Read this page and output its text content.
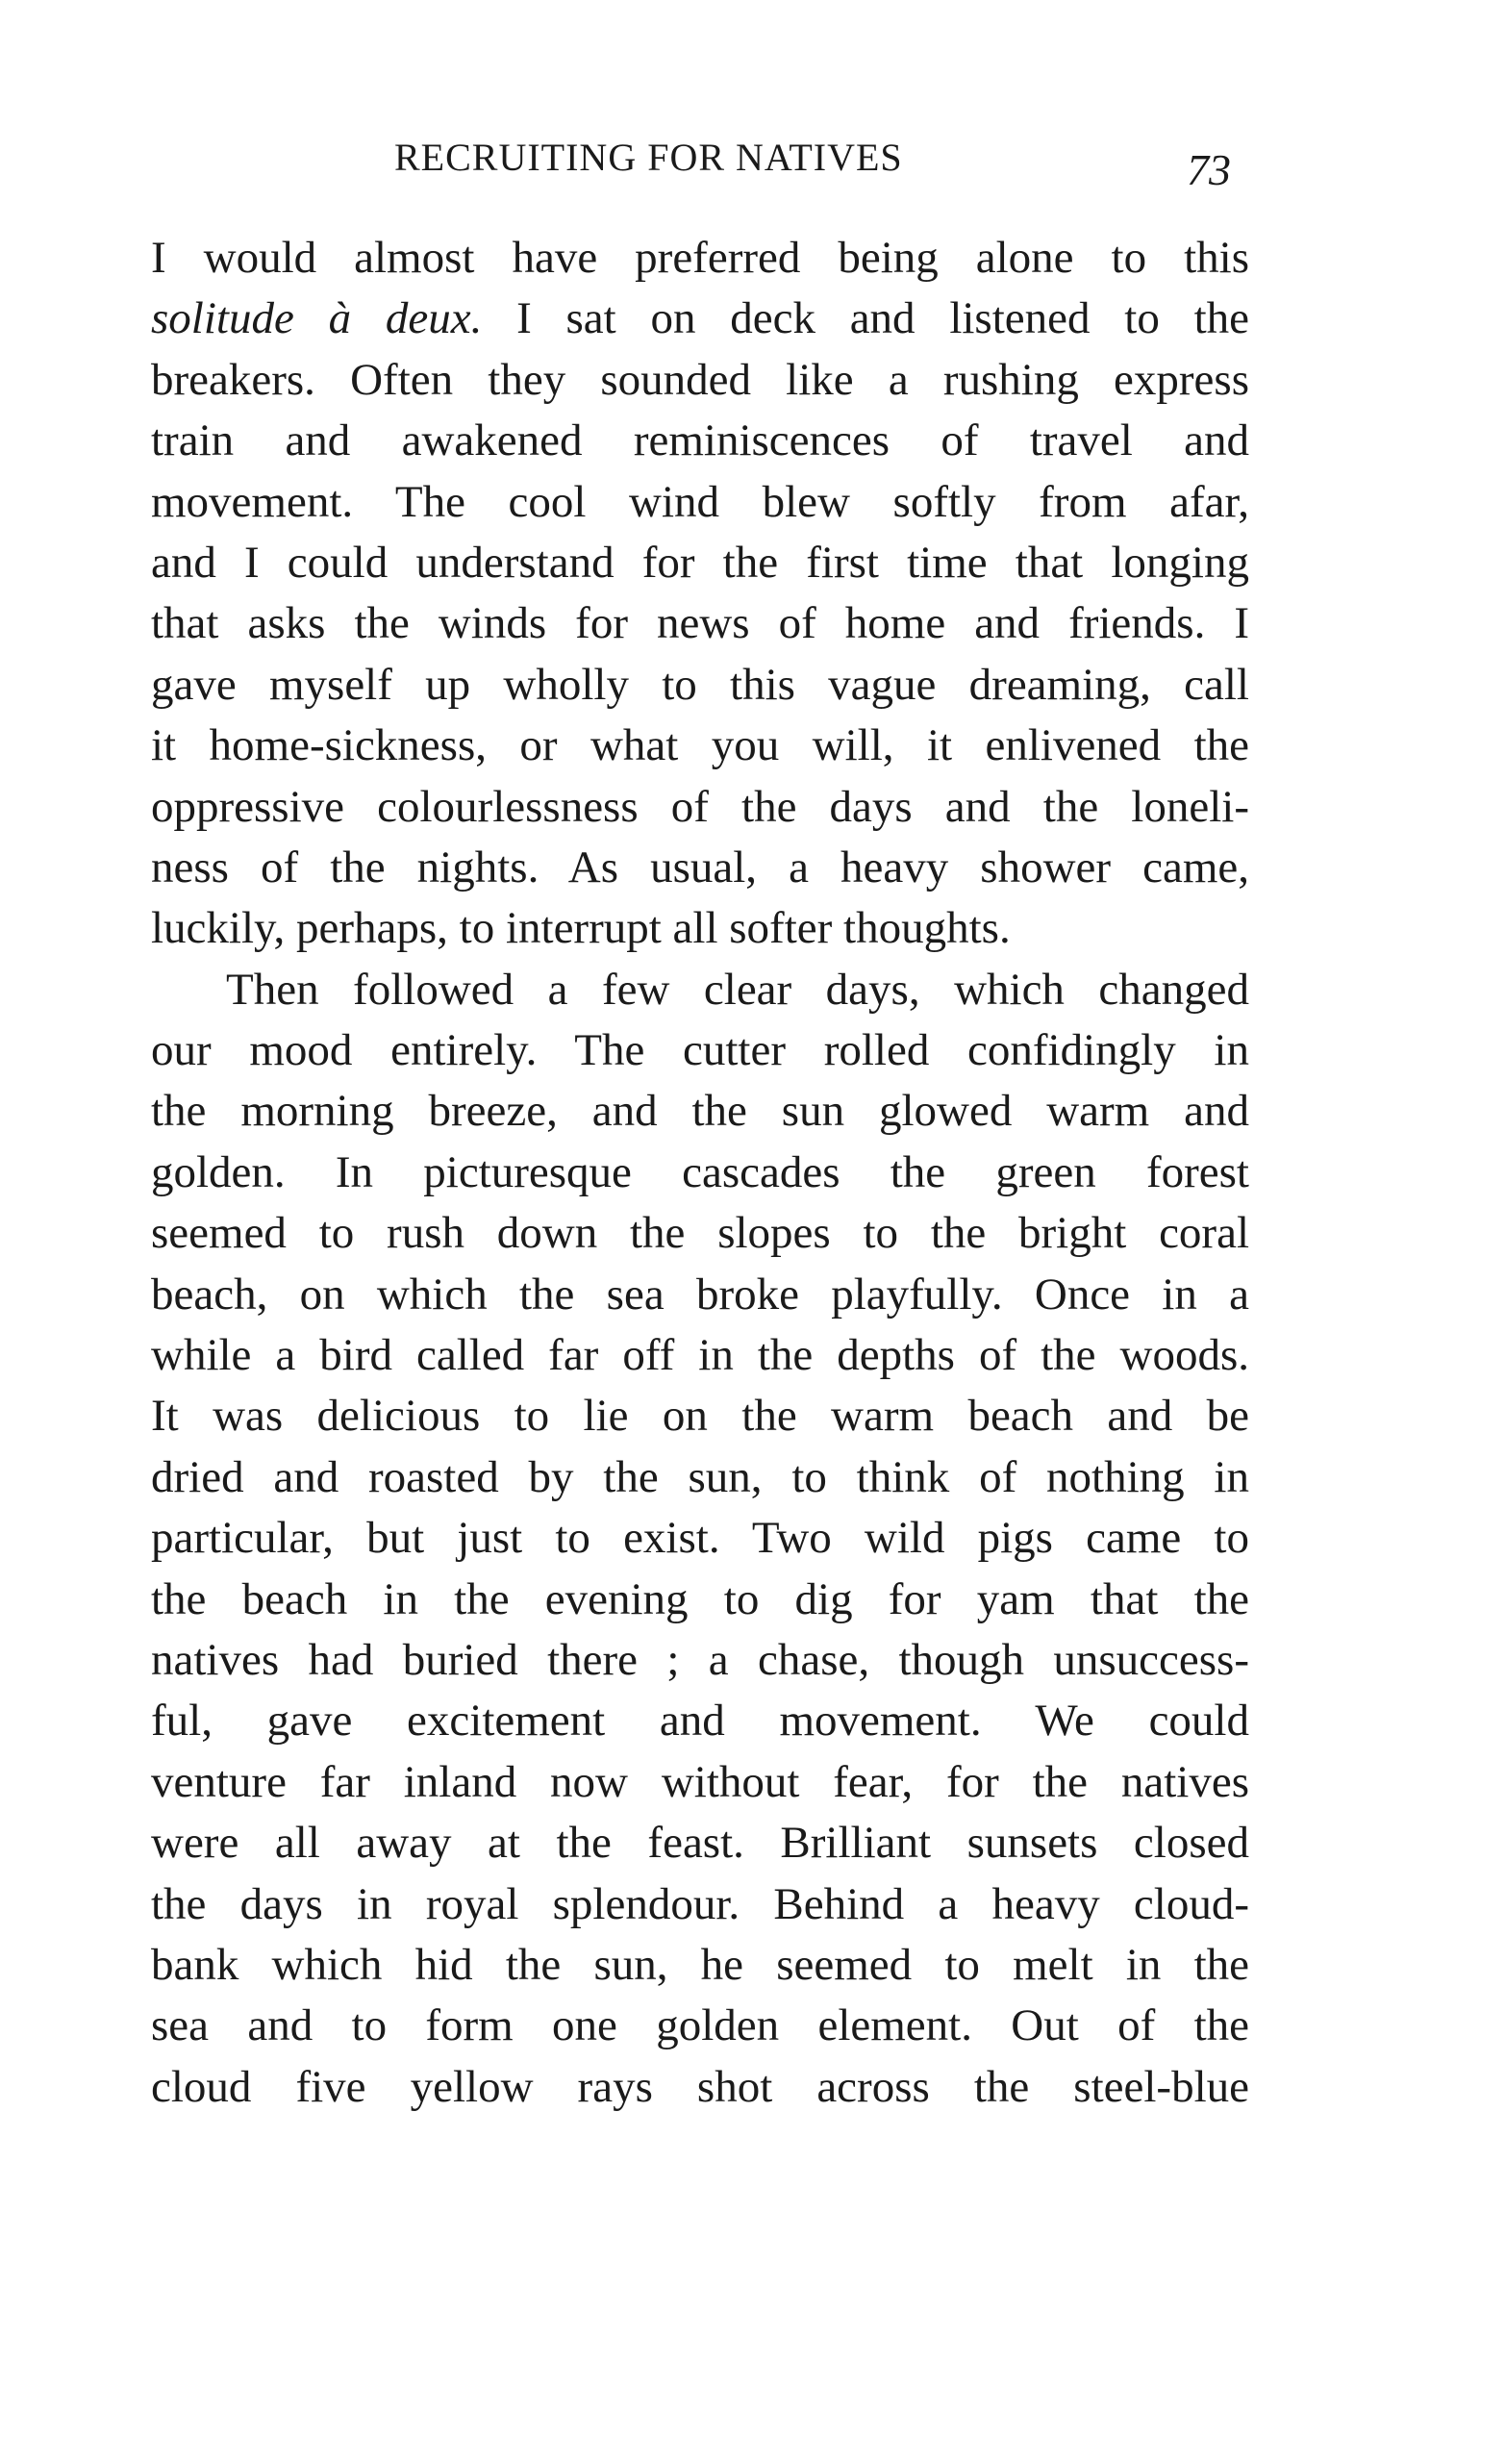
RECRUITING FOR NATIVES	73
I would almost have preferred being alone to this
solitude à deux. I sat on deck and listened to the
breakers. Often they sounded like a rushing express
train and awakened reminiscences of travel and
movement. The cool wind blew softly from afar,
and I could understand for the first time that longing
that asks the winds for news of home and friends. I
gave myself up wholly to this vague dreaming, call
it home-sickness, or what you will, it enlivened the
oppressive colourlessness of the days and the loneli-
ness of the nights. As usual, a heavy shower came,
luckily, perhaps, to interrupt all softer thoughts.
Then followed a few clear days, which changed
our mood entirely. The cutter rolled confidingly in
the morning breeze, and the sun glowed warm and
golden. In picturesque cascades the green forest
seemed to rush down the slopes to the bright coral
beach, on which the sea broke playfully. Once in a
while a bird called far off in the depths of the woods.
It was delicious to lie on the warm beach and be
dried and roasted by the sun, to think of nothing in
particular, but just to exist. Two wild pigs came to
the beach in the evening to dig for yam that the
natives had buried there ; a chase, though unsuccess-
ful, gave excitement and movement. We could
venture far inland now without fear, for the natives
were all away at the feast. Brilliant sunsets closed
the days in royal splendour. Behind a heavy cloud-
bank which hid the sun, he seemed to melt in the
sea and to form one golden element. Out of the
cloud five yellow rays shot across the steel-blue
